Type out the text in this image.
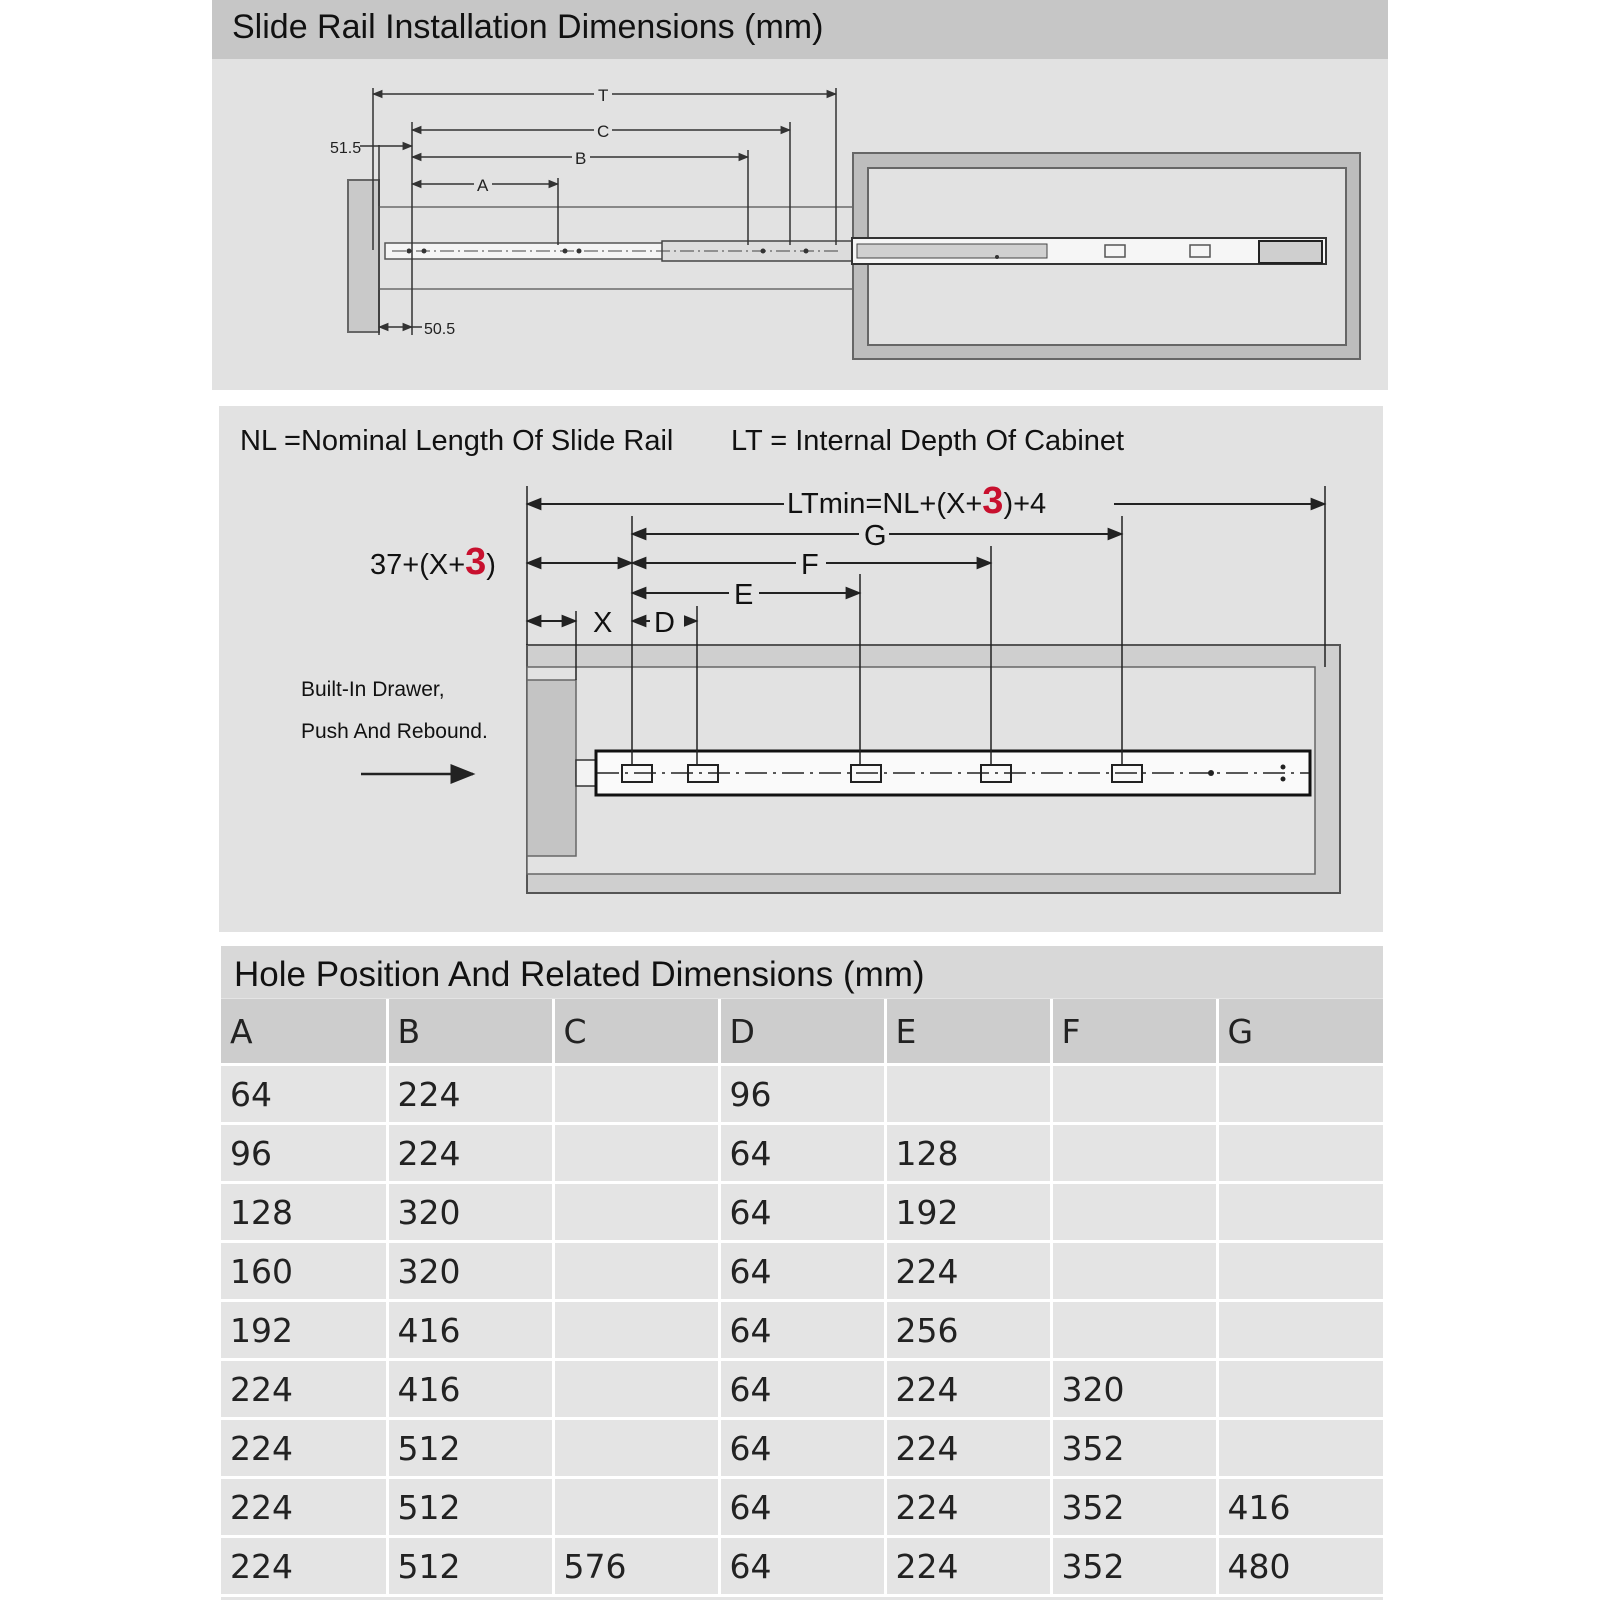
Slide Rail Installation Dimensions (mm)
T
C
B
A
51.5
50.5
NL =Nominal Length Of Slide Rail LT = Internal Depth Of Cabinet
LTmin=NL+(X+3)+4
G
F
E
X D
37+(X+3)
Built-In Drawer,
Push And Rebound.
Hole Position And Related Dimensions (mm)
A	B	C	D	E	F	G
64	224		96			
96	224		64	128		
128	320		64	192		
160	320		64	224		
192	416		64	256		
224	416		64	224	320	
224	512		64	224	352	
224	512		64	224	352	416
224	512	576	64	224	352	480
